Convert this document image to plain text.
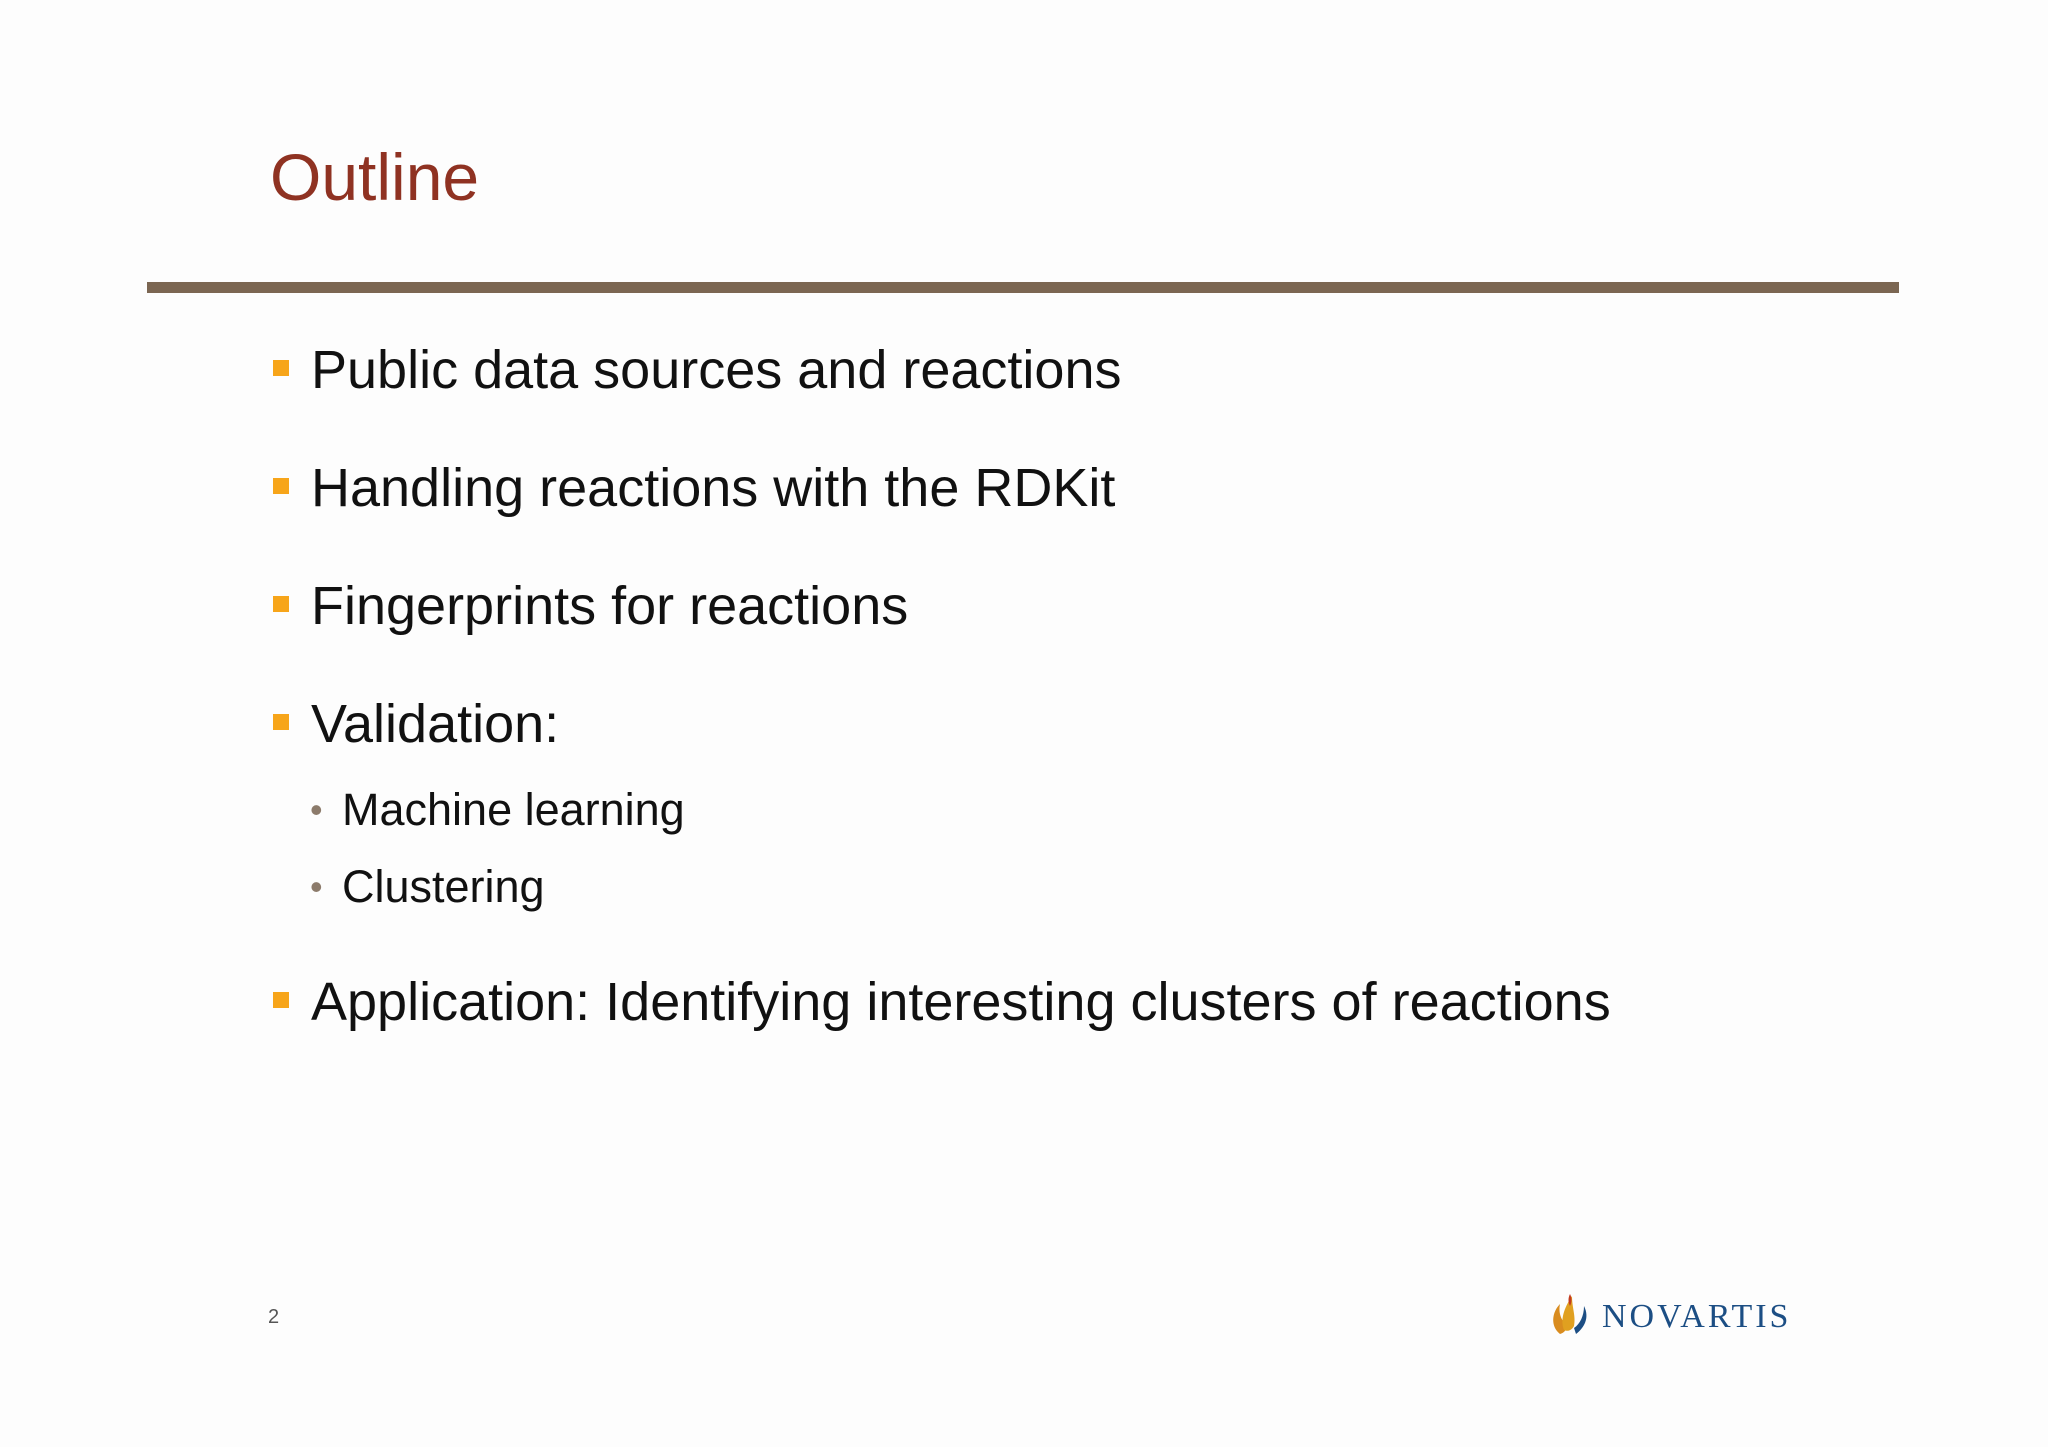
Outline
Public data sources and reactions
Handling reactions with the RDKit
Fingerprints for reactions
Validation:
• Machine learning
• Clustering
Application: Identifying interesting clusters of reactions
2	NOVARTIS
